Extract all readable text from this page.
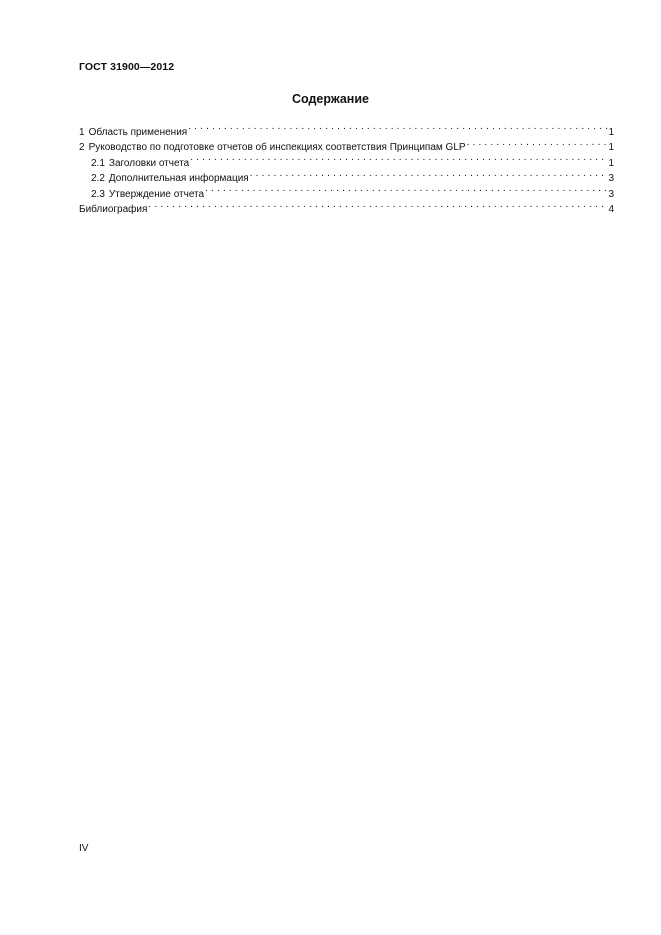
ГОСТ 31900—2012
Содержание
1 Область применения . . .	1
2 Руководство по подготовке отчетов об инспекциях соответствия Принципам GLP . . .	1
2.1 Заголовки отчета . . .	1
2.2 Дополнительная информация . . .	3
2.3 Утверждение отчета . . .	3
Библиография . . .	4
IV
